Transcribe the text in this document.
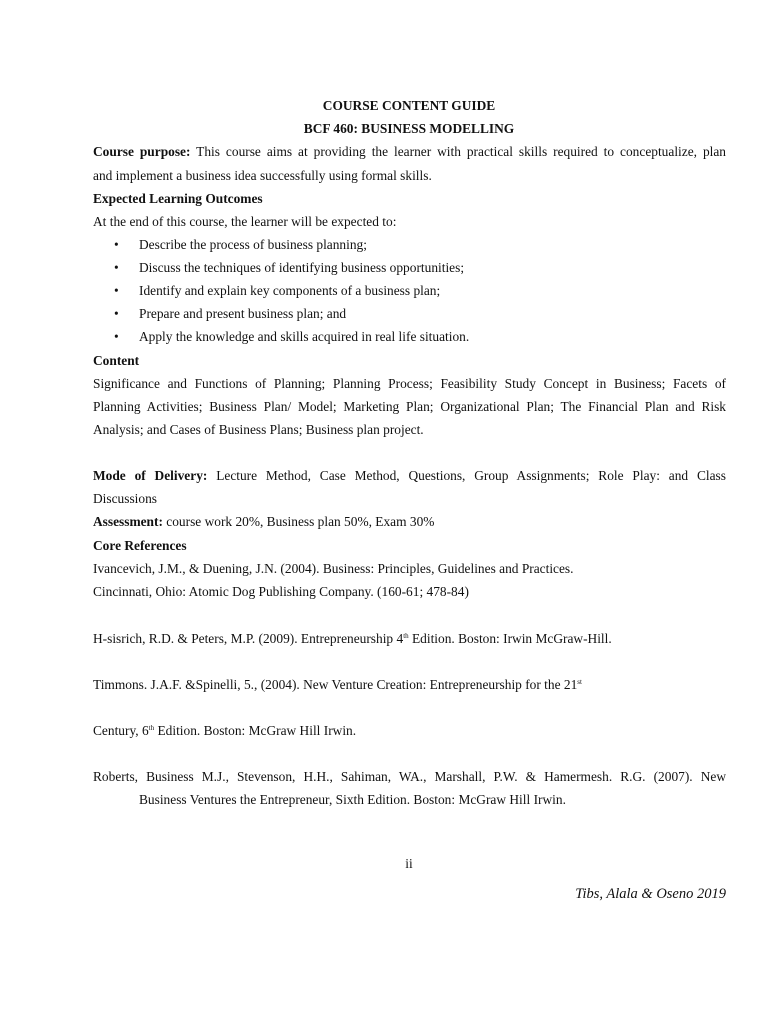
COURSE CONTENT GUIDE
BCF 460: BUSINESS MODELLING
Course purpose: This course aims at providing the learner with practical skills required to conceptualize, plan
and implement a business idea successfully using formal skills.
Expected Learning Outcomes
At the end of this course, the learner will be expected to:
• Describe the process of business planning;
• Discuss the techniques of identifying business opportunities;
• Identify and explain key components of a business plan;
• Prepare and present business plan; and
• Apply the knowledge and skills acquired in real life situation.
Content
Significance and Functions of Planning; Planning Process; Feasibility Study Concept in Business; Facets of
Planning Activities; Business Plan/ Model; Marketing Plan; Organizational Plan; The Financial Plan and Risk
Analysis; and Cases of Business Plans; Business plan project.
Mode of Delivery: Lecture Method, Case Method, Questions, Group Assignments; Role Play: and Class
Discussions
Assessment: course work 20%, Business plan 50%, Exam 30%
Core References
Ivancevich, J.M., & Duening, J.N. (2004). Business: Principles, Guidelines and Practices.
Cincinnati, Ohio: Atomic Dog Publishing Company. (160-61; 478-84)
H-sisrich, R.D. & Peters, M.P. (2009). Entrepreneurship 4th Edition. Boston: Irwin McGraw-Hill.
Timmons. J.A.F. &Spinelli, 5., (2004). New Venture Creation: Entrepreneurship for the 21st
Century, 6th Edition. Boston: McGraw Hill Irwin.
Roberts, Business M.J., Stevenson, H.H., Sahiman, WA., Marshall, P.W. & Hamermesh. R.G. (2007). New
Business Ventures the Entrepreneur, Sixth Edition. Boston: McGraw Hill Irwin.
ii
Tibs, Alala & Oseno 2019
